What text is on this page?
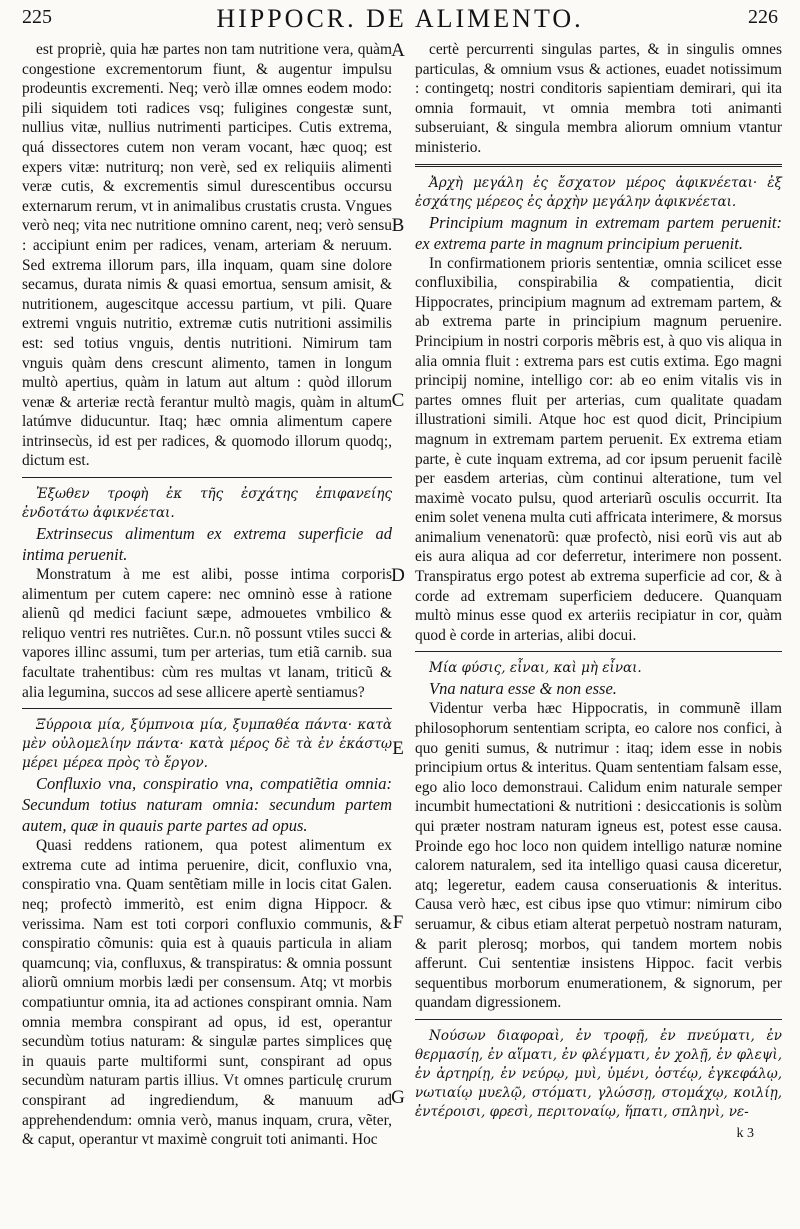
225	HIPPOCR. DE ALIMENTO.	226

est propriè, quia hæ partes non tam nutritione vera, quàm congestione excrementorum fiunt, & augentur impulsu prodeuntis excrementi. Neq; verò illæ omnes eodem modo: pili siquidem toti radices vsq; fuligines congestæ sunt, nullius vitæ, nullius nutrimenti participes. Cutis extrema, quá dissectores cutem non veram vocant, hæc quoq; est expers vitæ: nutriturq; non verè, sed ex reliquiis alimenti veræ cutis, & excrementis simul durescentibus occursu externarum rerum, vt in animalibus crustatis crusta. Vngues verò neq; vita nec nutritione omnino carent, neq; verò sensu : accipiunt enim per radices, venam, arteriam & neruum. Sed extrema illorum pars, illa inquam, quam sine dolore secamus, durata nimis & quasi emortua, sensum amisit, & nutritionem, augescitque accessu partium, vt pili. Quare extremi vnguis nutritio, extremæ cutis nutritioni assimilis est: sed totius vnguis, dentis nutritioni. Nimirum tam vnguis quàm dens crescunt alimento, tamen in longum multò apertius, quàm in latum aut altum : quòd illorum venæ & arteriæ rectà ferantur multò magis, quàm in altum latúmve diducuntur. Itaq; hæc omnia alimentum capere intrinsecùs, id est per radices, & quomodo illorum quodq;, dictum est.

Ἐξωθεν τροφὴ ἐκ τῆς ἐσχάτης ἐπιφανείης ἐνδοτάτω ἀφικνέεται.

Extrinsecus alimentum ex extrema superficie ad intima peruenit.

Monstratum à me est alibi, posse intima corporis alimentum per cutem capere: nec omninò esse à ratione alienũ qd medici faciunt sæpe, admouetes vmbilico & reliquo ventri res nutriẽtes. Cur.n. nõ possunt vtiles succi & vapores illinc assumi, tum per arterias, tum etiã carnib. sua facultate trahentibus: cùm res multas vt lanam, triticũ & alia legumina, succos ad sese allicere apertè sentiamus?

Ξύρροια μία, ξύμπνοια μία, ξυμπαθέα πάντα· κατὰ μὲν οὐλομελίην πάντα· κατὰ μέρος δὲ τὰ ἐν ἑκάστῳ μέρει μέρεα πρὸς τὸ ἔργον.

Confluxio vna, conspiratio vna, compatiẽtia omnia: Secundum totius naturam omnia: secundum partem autem, quæ in quauis parte partes ad opus.

Quasi reddens rationem, qua potest alimentum ex extrema cute ad intima peruenire, dicit, confluxio vna, conspiratio vna. Quam sentẽtiam mille in locis citat Galen. neq; profectò immeritò, est enim digna Hippocr. & verissima. Nam est toti corpori confluxio communis, & conspiratio cõmunis: quia est à quauis particula in aliam quamcunq; via, confluxus, & transpiratus: & omnia possunt aliorũ omnium morbis lædi per consensum. Atq; vt morbis compatiuntur omnia, ita ad actiones conspirant omnia. Nam omnia membra conspirant ad opus, id est, operantur secundùm totius naturam: & singulæ partes simplices quę in quauis parte multiformi sunt, conspirant ad opus secundùm naturam partis illius. Vt omnes particulę crurum conspirant ad ingrediendum, & manuum ad apprehendendum: omnia verò, manus inquam, crura, vẽter, & caput, operantur vt maximè congruit toti animanti. Hoc

certè percurrenti singulas partes, & in singulis omnes particulas, & omnium vsus & actiones, euadet notissimum : contingetq; nostri conditoris sapientiam demirari, qui ita omnia formauit, vt omnia membra toti animanti subseruiant, & singula membra aliorum omnium vtantur ministerio.

Ἀρχὴ μεγάλη ἐς ἔσχατον μέρος ἀφικνέεται· ἐξ ἐσχάτης μέρεος ἐς ἀρχὴν μεγάλην ἀφικνέεται.

Principium magnum in extremam partem peruenit: ex extrema parte in magnum principium peruenit.

In confirmationem prioris sententiæ, omnia scilicet esse confluxibilia, conspirabilia & compatientia, dicit Hippocrates, principium magnum ad extremam partem, & ab extrema parte in principium magnum peruenire. Principium in nostri corporis mẽbris est, à quo vis aliqua in alia omnia fluit : extrema pars est cutis extima. Ego magni principij nomine, intelligo cor: ab eo enim vitalis vis in partes omnes fluit per arterias, cum qualitate quadam illustrationi simili. Atque hoc est quod dicit, Principium magnum in extremam partem peruenit. Ex extrema etiam parte, è cute inquam extrema, ad cor ipsum peruenit facilè per easdem arterias, cùm continui alteratione, tum vel maximè vocato pulsu, quod arteriarũ osculis occurrit. Ita enim solet venena multa cuti affricata interimere, & morsus animalium venenatorũ: quæ profectò, nisi eorũ vis aut ab eis aura aliqua ad cor deferretur, interimere non possent. Transpiratus ergo potest ab extrema superficie ad cor, & à corde ad extremam superficiem deducere. Quanquam multò minus esse quod ex arteriis recipiatur in cor, quàm quod è corde in arterias, alibi docui.

Μία φύσις, εἶναι, καὶ μὴ εἶναι.

Vna natura esse & non esse.

Videntur verba hæc Hippocratis, in communẽ illam philosophorum sententiam scripta, eo calore nos confici, à quo geniti sumus, & nutrimur : itaq; idem esse in nobis principium ortus & interitus. Quam sententiam falsam esse, ego alio loco demonstraui. Calidum enim naturale semper incumbit humectationi & nutritioni : desiccationis is solùm qui præter nostram naturam igneus est, potest esse causa. Proinde ego hoc loco non quidem intelligo naturæ nomine calorem naturalem, sed ita intelligo quasi causa diceretur, atq; legeretur, eadem causa conseruationis & interitus. Causa verò hæc, est cibus ipse quo vtimur: nimirum cibo seruamur, & cibus etiam alterat perpetuò nostram naturam, & parit plerosq; morbos, qui tandem mortem nobis afferunt. Cui sententiæ insistens Hippoc. facit verbis sequentibus morborum enumerationem, & signorum, per quandam digressionem.

Νούσων διαφοραὶ, ἐν τροφῇ, ἐν πνεύματι, ἐν θερμασίῃ, ἐν αἵματι, ἐν φλέγματι, ἐν χολῇ, ἐν φλεψὶ, ἐν ἀρτηρίῃ, ἐν νεύρῳ, μυὶ, ὑμένι, ὀστέῳ, ἐγκεφάλῳ, νωτιαίῳ μυελῷ, στόματι, γλώσσῃ, στομάχῳ, κοιλίῃ, ἐντέροισι, φρεσὶ, περιτοναίῳ, ἥπατι, σπληνὶ, νε-

k 3
A
B
C
D
E
F
G
